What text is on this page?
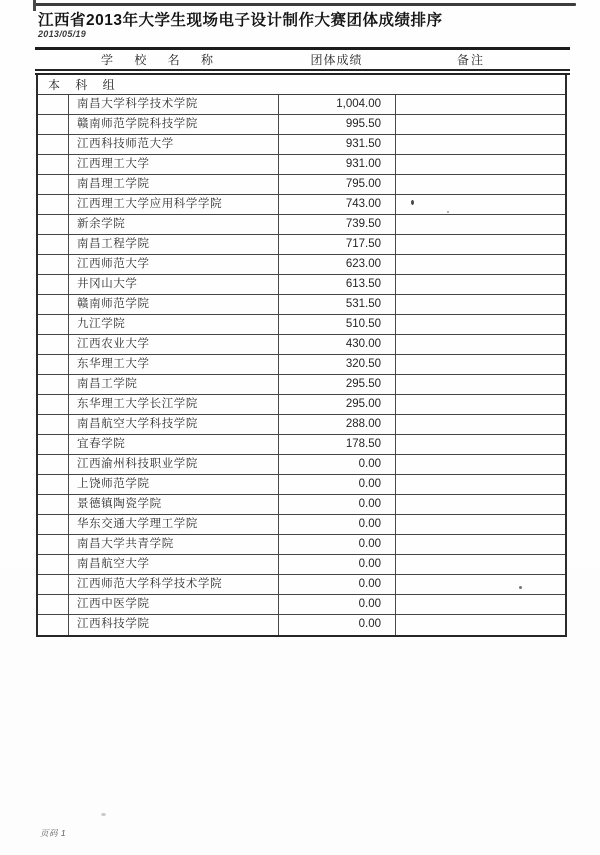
江西省2013年大学生现场电子设计制作大赛团体成绩排序
2013/05/19
学 校 名 称	团体成绩	备注
本 科 组
南昌大学科学技术学院	1,004.00
赣南师范学院科技学院	995.50
江西科技师范大学	931.50
江西理工大学	931.00
南昌理工学院	795.00
江西理工大学应用科学学院	743.00
新余学院	739.50
南昌工程学院	717.50
江西师范大学	623.00
井冈山大学	613.50
赣南师范学院	531.50
九江学院	510.50
江西农业大学	430.00
东华理工大学	320.50
南昌工学院	295.50
东华理工大学长江学院	295.00
南昌航空大学科技学院	288.00
宜春学院	178.50
江西渝州科技职业学院	0.00
上饶师范学院	0.00
景德镇陶瓷学院	0.00
华东交通大学理工学院	0.00
南昌大学共青学院	0.00
南昌航空大学	0.00
江西师范大学科学技术学院	0.00
江西中医学院	0.00
江西科技学院	0.00
页码 1
